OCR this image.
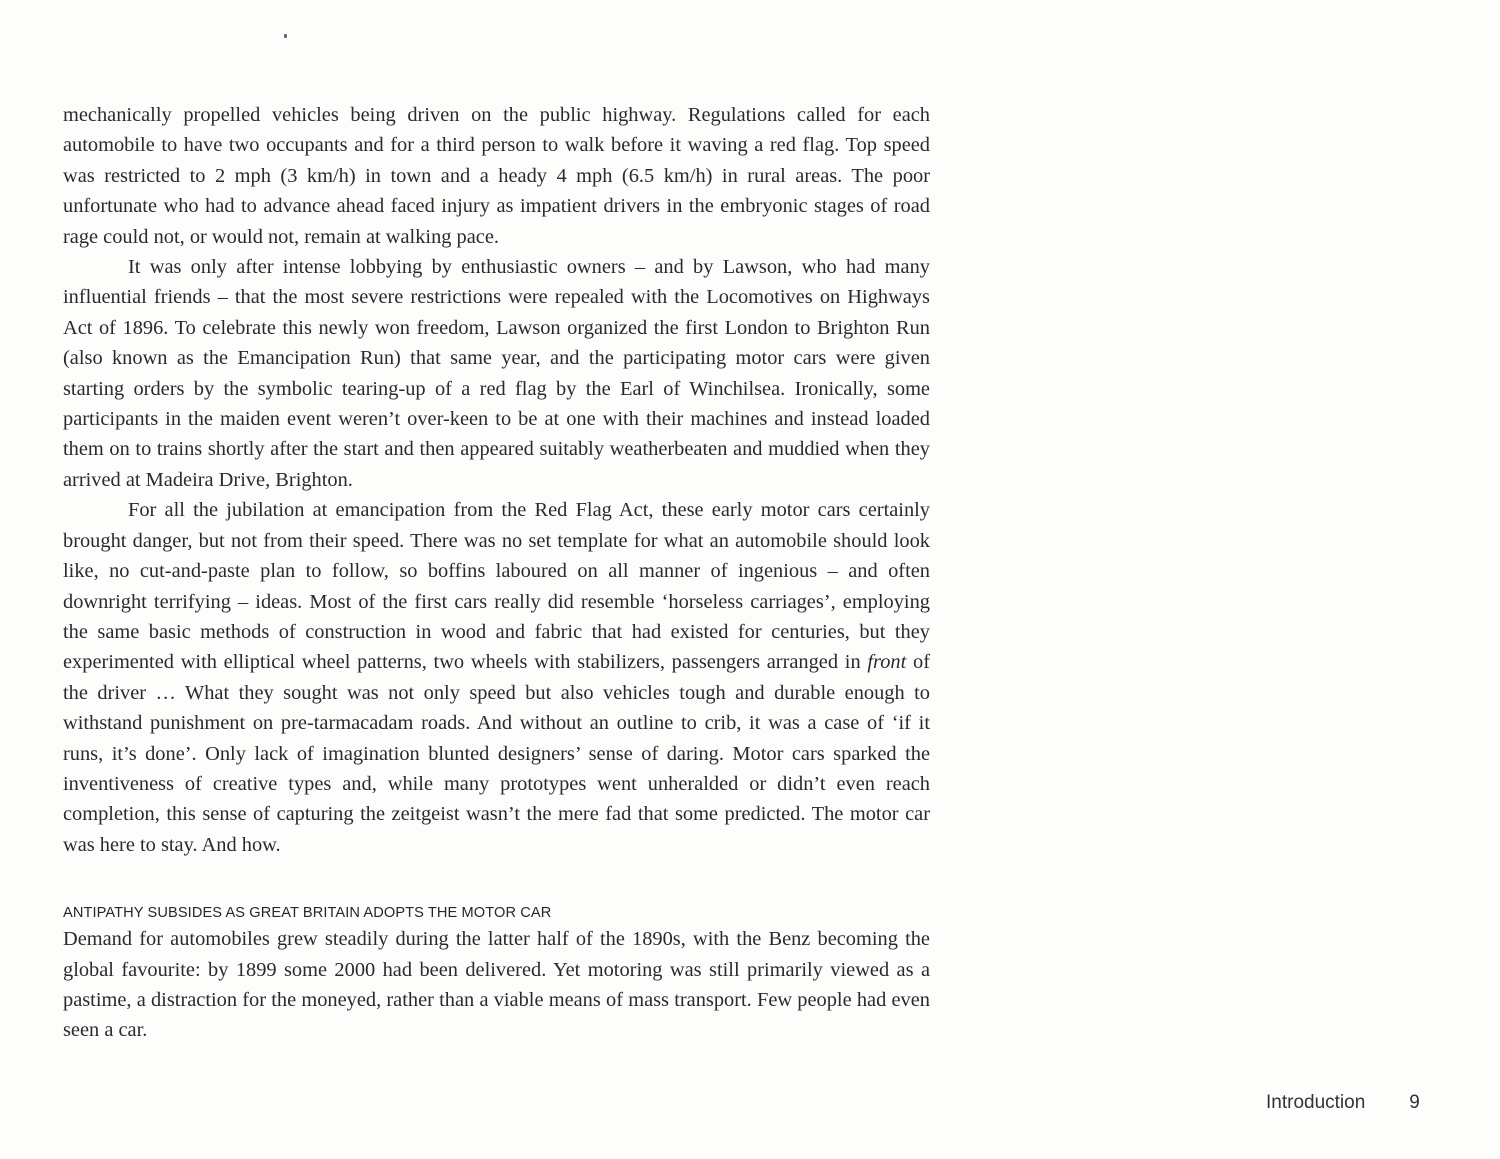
mechanically propelled vehicles being driven on the public highway. Regulations called for each automobile to have two occupants and for a third person to walk before it waving a red flag. Top speed was restricted to 2 mph (3 km/h) in town and a heady 4 mph (6.5 km/h) in rural areas. The poor unfortunate who had to advance ahead faced injury as impatient drivers in the embryonic stages of road rage could not, or would not, remain at walking pace.

It was only after intense lobbying by enthusiastic owners – and by Lawson, who had many influential friends – that the most severe restrictions were repealed with the Locomotives on Highways Act of 1896. To celebrate this newly won freedom, Lawson organized the first London to Brighton Run (also known as the Emancipation Run) that same year, and the participating motor cars were given starting orders by the symbolic tearing-up of a red flag by the Earl of Winchilsea. Ironically, some participants in the maiden event weren’t over-keen to be at one with their machines and instead loaded them on to trains shortly after the start and then appeared suitably weatherbeaten and muddied when they arrived at Madeira Drive, Brighton.

For all the jubilation at emancipation from the Red Flag Act, these early motor cars certainly brought danger, but not from their speed. There was no set template for what an automobile should look like, no cut-and-paste plan to follow, so boffins laboured on all manner of ingenious – and often downright terrifying – ideas. Most of the first cars really did resemble ‘horseless carriages’, employing the same basic methods of construction in wood and fabric that had existed for centuries, but they experimented with elliptical wheel patterns, two wheels with stabilizers, passengers arranged in front of the driver … What they sought was not only speed but also vehicles tough and durable enough to withstand punishment on pre-tarmacadam roads. And without an outline to crib, it was a case of ‘if it runs, it’s done’. Only lack of imagination blunted designers’ sense of daring. Motor cars sparked the inventiveness of creative types and, while many prototypes went unheralded or didn’t even reach completion, this sense of capturing the zeitgeist wasn’t the mere fad that some predicted. The motor car was here to stay. And how.

ANTIPATHY SUBSIDES AS GREAT BRITAIN ADOPTS THE MOTOR CAR

Demand for automobiles grew steadily during the latter half of the 1890s, with the Benz becoming the global favourite: by 1899 some 2000 had been delivered. Yet motoring was still primarily viewed as a pastime, a distraction for the moneyed, rather than a viable means of mass transport. Few people had even seen a car.

Introduction 9
